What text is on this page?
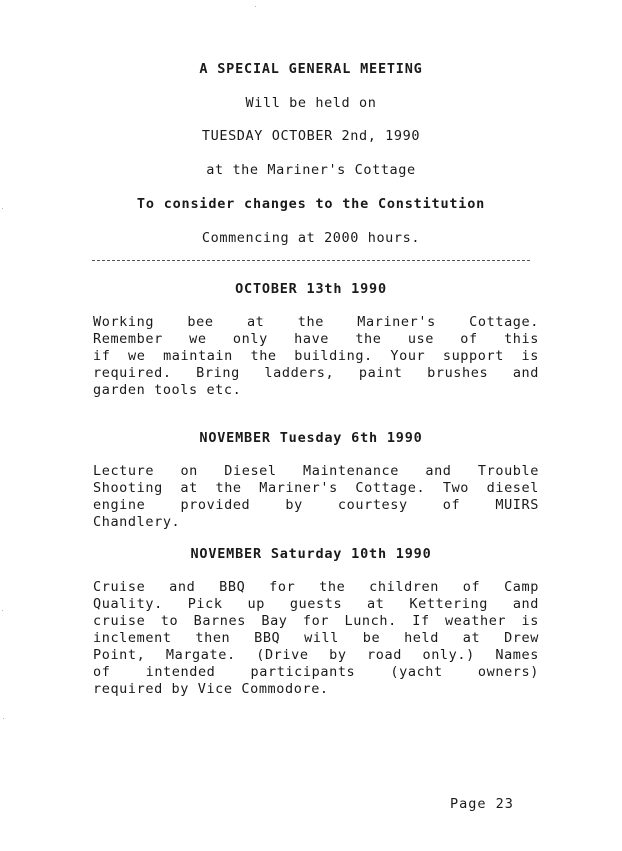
A SPECIAL GENERAL MEETING
Will be held on
TUESDAY OCTOBER 2nd, 1990
at the Mariner's Cottage
To consider changes to the Constitution
Commencing at 2000 hours.
OCTOBER 13th 1990
Working bee at the Mariner's Cottage.
Remember we only have the use of this
if we maintain the building. Your support is
required. Bring ladders, paint brushes and
garden tools etc.
NOVEMBER Tuesday 6th 1990
Lecture on Diesel Maintenance and Trouble
Shooting at the Mariner's Cottage. Two diesel
engine provided by courtesy of MUIRS
Chandlery.
NOVEMBER Saturday 10th 1990
Cruise and BBQ for the children of Camp
Quality. Pick up guests at Kettering and
cruise to Barnes Bay for Lunch. If weather is
inclement then BBQ will be held at Drew
Point, Margate. (Drive by road only.) Names
of intended participants (yacht owners)
required by Vice Commodore.
Page 23
